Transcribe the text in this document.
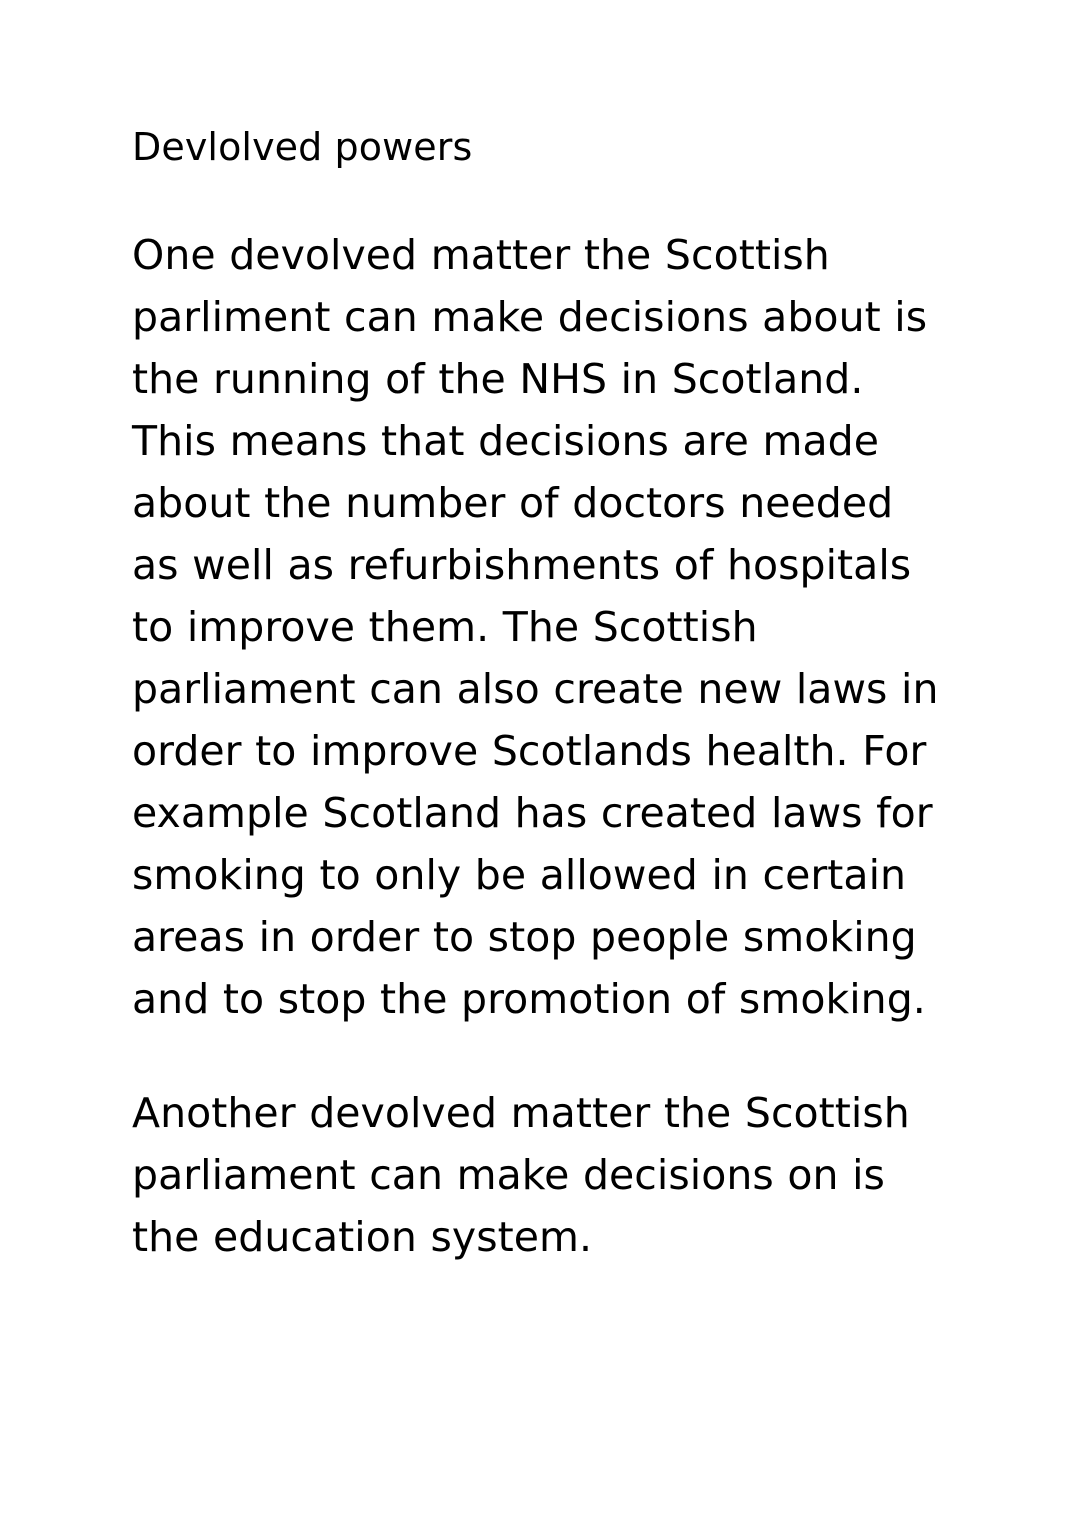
Devlolved powers

One devolved matter the Scottish parliment can make decisions about is the running of the NHS in Scotland. This means that decisions are made about the number of doctors needed as well as refurbishments of hospitals to improve them. The Scottish parliament can also create new laws in order to improve Scotlands health. For example Scotland has created laws for smoking to only be allowed in certain areas in order to stop people smoking and to stop the promotion of smoking.

Another devolved matter the Scottish parliament can make decisions on is the education system.
